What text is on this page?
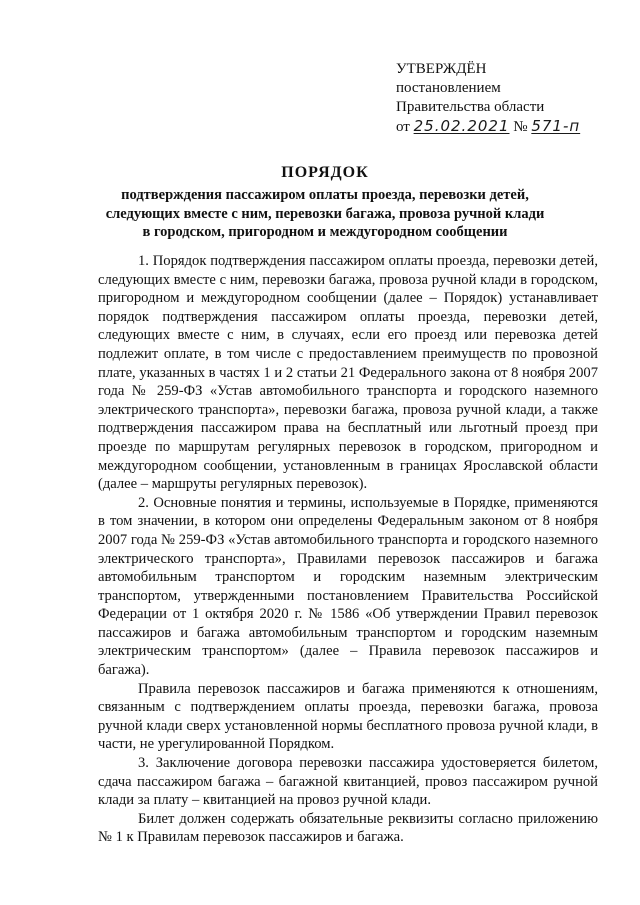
УТВЕРЖДЁН
постановлением
Правительства области
от 25.02.2021 № 571-п
ПОРЯДОК
подтверждения пассажиром оплаты проезда, перевозки детей, следующих вместе с ним, перевозки багажа, провоза ручной клади в городском, пригородном и междугородном сообщении

1. Порядок подтверждения пассажиром оплаты проезда, перевозки детей, следующих вместе с ним, перевозки багажа, провоза ручной клади в городском, пригородном и междугородном сообщении (далее – Порядок) устанавливает порядок подтверждения пассажиром оплаты проезда, перевозки детей, следующих вместе с ним, в случаях, если его проезд или перевозка детей подлежит оплате, в том числе с предоставлением преимуществ по провозной плате, указанных в частях 1 и 2 статьи 21 Федерального закона от 8 ноября 2007 года № 259-ФЗ «Устав автомобильного транспорта и городского наземного электрического транспорта», перевозки багажа, провоза ручной клади, а также подтверждения пассажиром права на бесплатный или льготный проезд при проезде по маршрутам регулярных перевозок в городском, пригородном и междугородном сообщении, установленным в границах Ярославской области (далее – маршруты регулярных перевозок).

2. Основные понятия и термины, используемые в Порядке, применяются в том значении, в котором они определены Федеральным законом от 8 ноября 2007 года № 259-ФЗ «Устав автомобильного транспорта и городского наземного электрического транспорта», Правилами перевозок пассажиров и багажа автомобильным транспортом и городским наземным электрическим транспортом, утвержденными постановлением Правительства Российской Федерации от 1 октября 2020 г. № 1586 «Об утверждении Правил перевозок пассажиров и багажа автомобильным транспортом и городским наземным электрическим транспортом» (далее – Правила перевозок пассажиров и багажа).

Правила перевозок пассажиров и багажа применяются к отношениям, связанным с подтверждением оплаты проезда, перевозки багажа, провоза ручной клади сверх установленной нормы бесплатного провоза ручной клади, в части, не урегулированной Порядком.

3. Заключение договора перевозки пассажира удостоверяется билетом, сдача пассажиром багажа – багажной квитанцией, провоз пассажиром ручной клади за плату – квитанцией на провоз ручной клади.

Билет должен содержать обязательные реквизиты согласно приложению № 1 к Правилам перевозок пассажиров и багажа.
